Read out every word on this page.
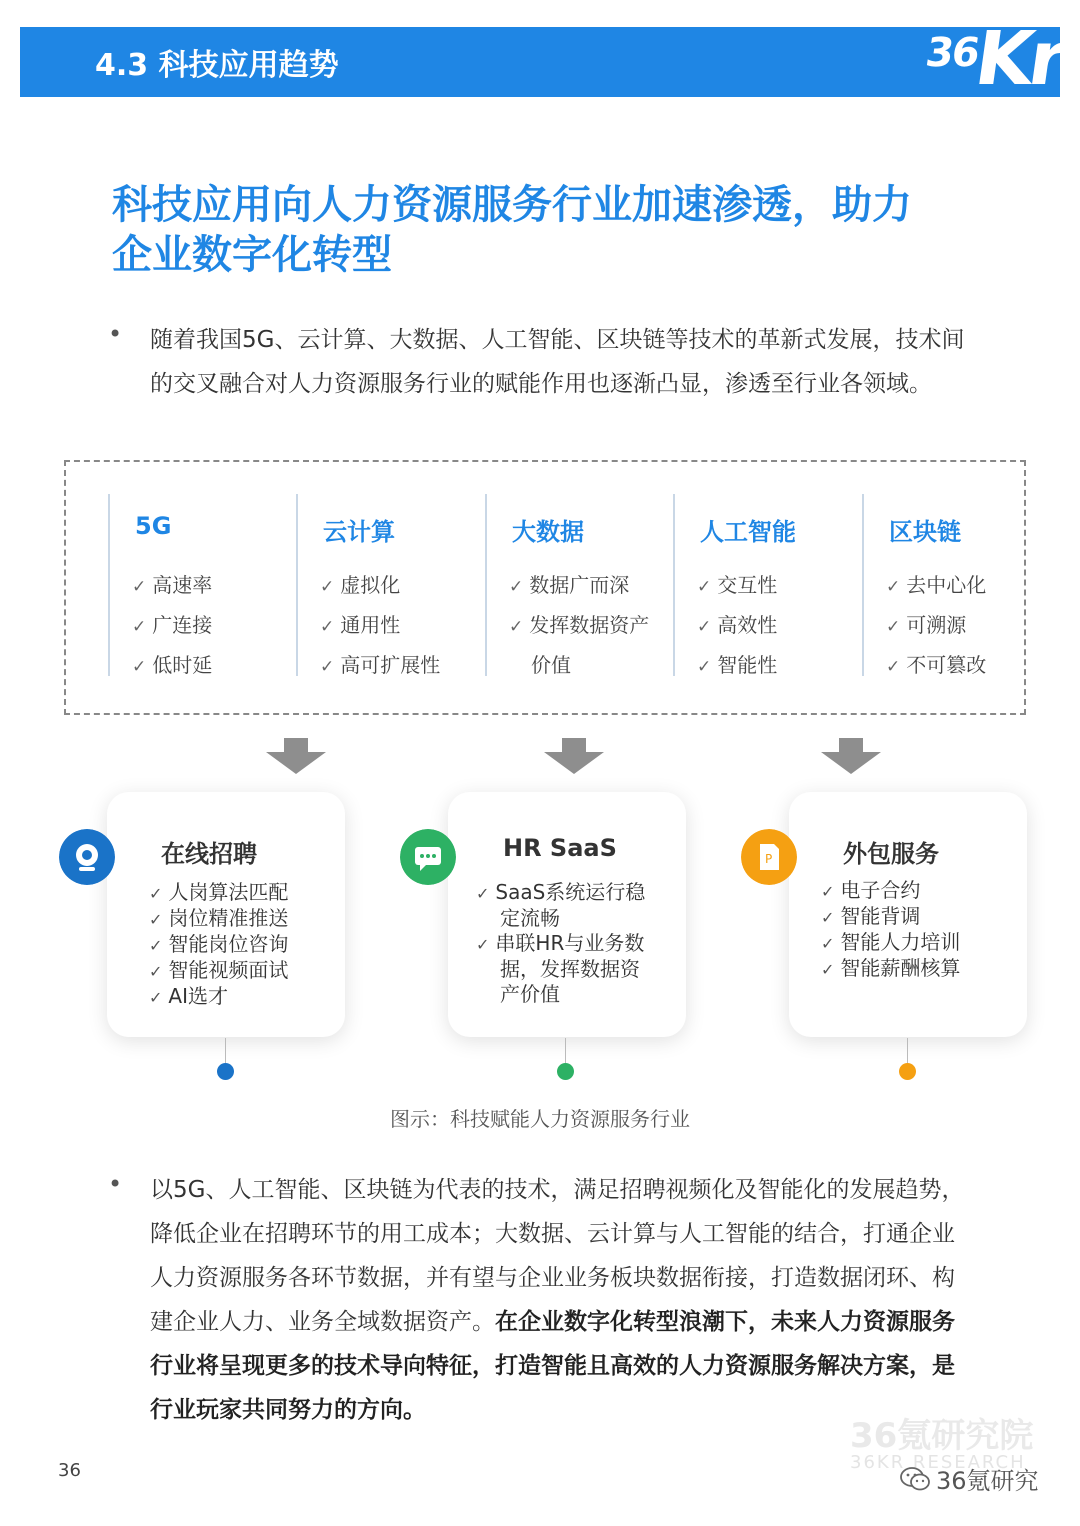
4.3 科技应用趋势	36
Kr
科技应用向人力资源服务行业加速渗透，助力
企业数字化转型
• 随着我国5G、云计算、大数据、人工智能、区块链等技术的革新式发展，技术间的交叉融合对人力资源服务行业的赋能作用也逐渐凸显，渗透至行业各领域。
5G
✓ 高速率
✓ 广连接
✓ 低时延
云计算
✓ 虚拟化
✓ 通用性
✓ 高可扩展性
大数据
✓ 数据广而深
✓ 发挥数据资产
价值
人工智能
✓ 交互性
✓ 高效性
✓ 智能性
区块链
✓ 去中心化
✓ 可溯源
✓ 不可篡改
在线招聘
✓ 人岗算法匹配
✓ 岗位精准推送
✓ 智能岗位咨询
✓ 智能视频面试
✓ AI选才
HR SaaS
✓ SaaS系统运行稳
定流畅
✓ 串联HR与业务数
据，发挥数据资
产价值
外包服务
✓ 电子合约
✓ 智能背调
✓ 智能人力培训
✓ 智能薪酬核算
P
图示：科技赋能人力资源服务行业
• 以5G、人工智能、区块链为代表的技术，满足招聘视频化及智能化的发展趋势，降低企业在招聘环节的用工成本；大数据、云计算与人工智能的结合，打通企业人力资源服务各环节数据，并有望与企业业务板块数据衔接，打造数据闭环、构建企业人力、业务全域数据资产。在企业数字化转型浪潮下，未来人力资源服务行业将呈现更多的技术导向特征，打造智能且高效的人力资源服务解决方案，是行业玩家共同努力的方向。
36
36氪研究院
36KR RESEARCH
36氪研究
